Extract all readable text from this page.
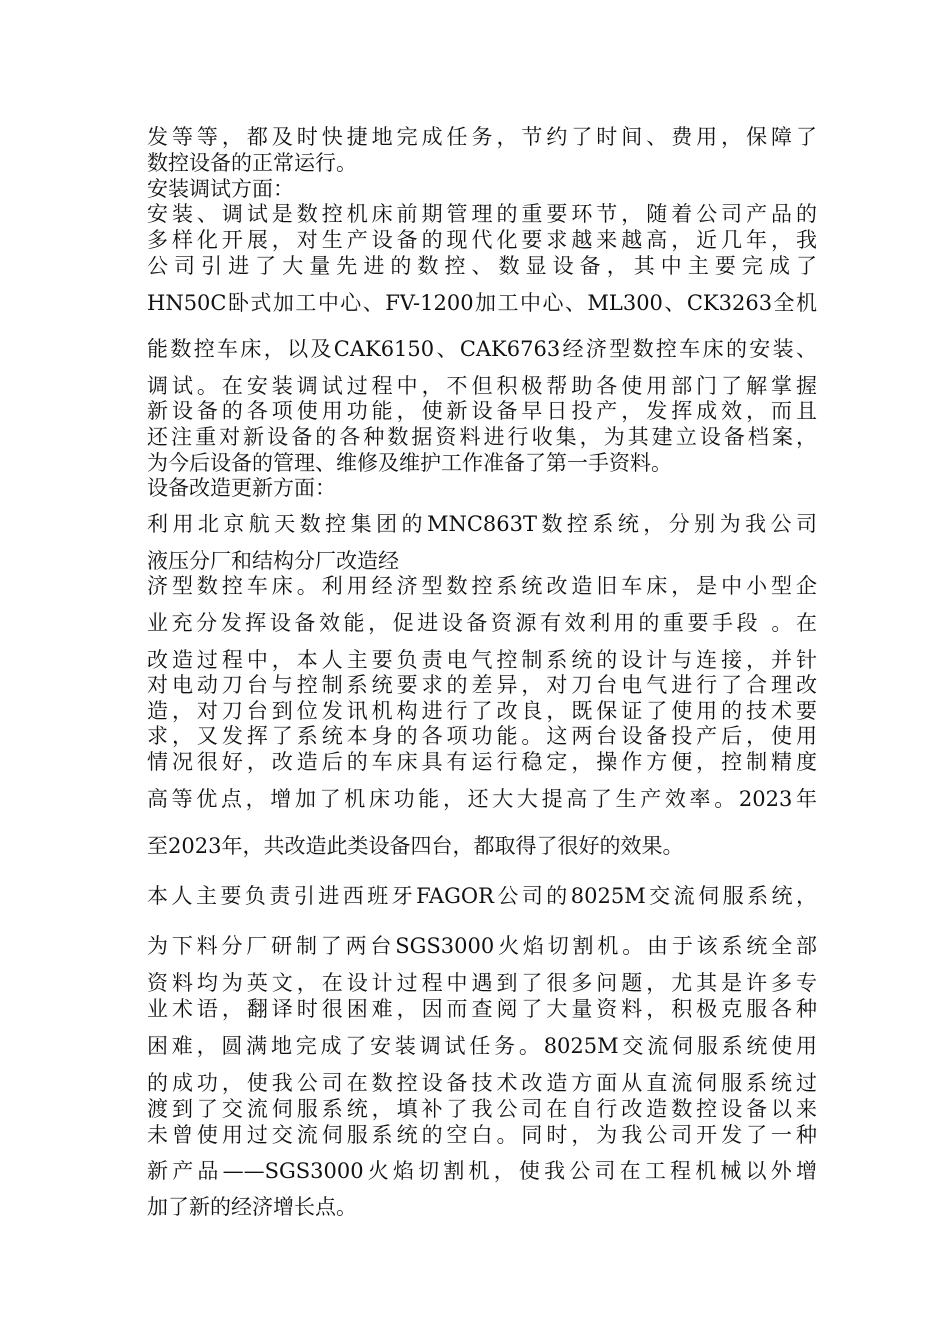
发等等，都及时快捷地完成任务，节约了时间、费用，保障了
数控设备的正常运行。
安装调试方面：
安装、调试是数控机床前期管理的重要环节，随着公司产品的
多样化开展，对生产设备的现代化要求越来越高，近几年，我
公司引进了大量先进的数控、数显设备，其中主要完成了
HN50C卧式加工中心、FV-1200加工中心、ML300、CK3263全机
能数控车床，以及CAK6150、CAK6763经济型数控车床的安装、
调试。在安装调试过程中，不但积极帮助各使用部门了解掌握
新设备的各项使用功能，使新设备早日投产，发挥成效，而且
还注重对新设备的各种数据资料进行收集，为其建立设备档案，
为今后设备的管理、维修及维护工作准备了第一手资料。
设备改造更新方面：
利用北京航天数控集团的MNC863T数控系统，分别为我公司
液压分厂和结构分厂改造经
济型数控车床。利用经济型数控系统改造旧车床，是中小型企
业充分发挥设备效能，促进设备资源有效利用的重要手段 。在
改造过程中，本人主要负责电气控制系统的设计与连接，并针
对电动刀台与控制系统要求的差异，对刀台电气进行了合理改
造，对刀台到位发讯机构进行了改良，既保证了使用的技术要
求，又发挥了系统本身的各项功能。这两台设备投产后，使用
情况很好，改造后的车床具有运行稳定，操作方便，控制精度
高等优点，增加了机床功能，还大大提高了生产效率。2023年
至2023年，共改造此类设备四台，都取得了很好的效果。
本人主要负责引进西班牙FAGOR公司的8025M交流伺服系统，
为下料分厂研制了两台SGS3000火焰切割机。由于该系统全部
资料均为英文，在设计过程中遇到了很多问题，尤其是许多专
业术语，翻译时很困难，因而查阅了大量资料，积极克服各种
困难，圆满地完成了安装调试任务。8025M交流伺服系统使用
的成功，使我公司在数控设备技术改造方面从直流伺服系统过
渡到了交流伺服系统，填补了我公司在自行改造数控设备以来
未曾使用过交流伺服系统的空白。同时，为我公司开发了一种
新产品——SGS3000火焰切割机，使我公司在工程机械以外增
加了新的经济增长点。
